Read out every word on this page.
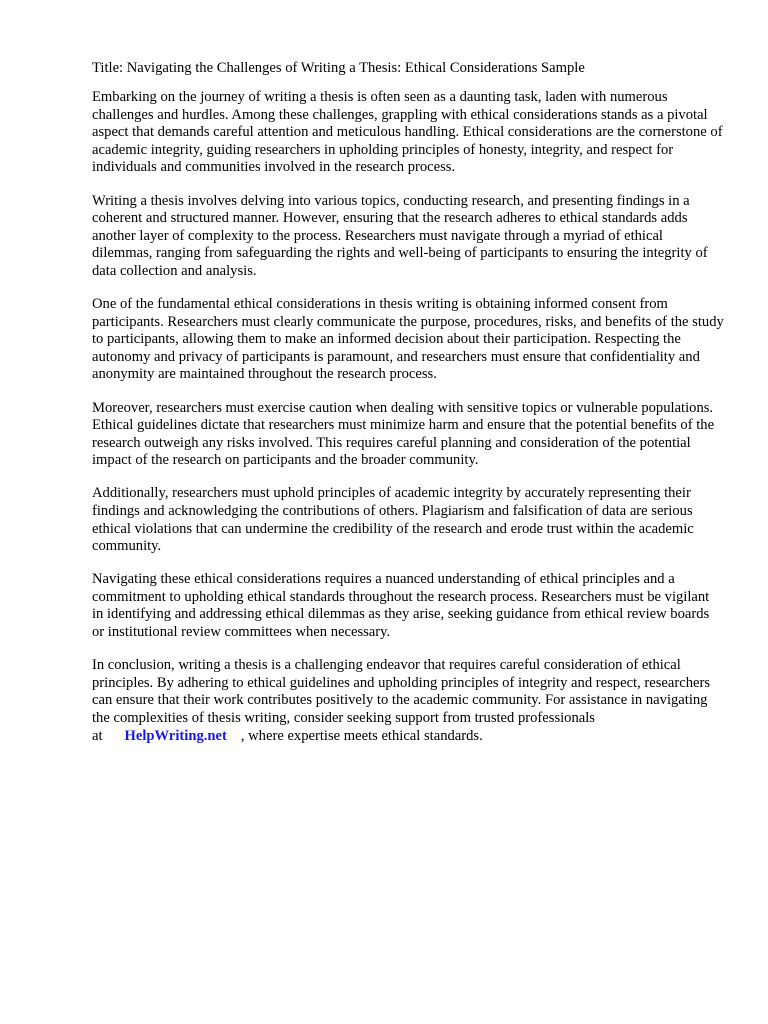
Title: Navigating the Challenges of Writing a Thesis: Ethical Considerations Sample

Embarking on the journey of writing a thesis is often seen as a daunting task, laden with numerous challenges and hurdles. Among these challenges, grappling with ethical considerations stands as a pivotal aspect that demands careful attention and meticulous handling. Ethical considerations are the cornerstone of academic integrity, guiding researchers in upholding principles of honesty, integrity, and respect for individuals and communities involved in the research process.

Writing a thesis involves delving into various topics, conducting research, and presenting findings in a coherent and structured manner. However, ensuring that the research adheres to ethical standards adds another layer of complexity to the process. Researchers must navigate through a myriad of ethical dilemmas, ranging from safeguarding the rights and well-being of participants to ensuring the integrity of data collection and analysis.

One of the fundamental ethical considerations in thesis writing is obtaining informed consent from participants. Researchers must clearly communicate the purpose, procedures, risks, and benefits of the study to participants, allowing them to make an informed decision about their participation. Respecting the autonomy and privacy of participants is paramount, and researchers must ensure that confidentiality and anonymity are maintained throughout the research process.

Moreover, researchers must exercise caution when dealing with sensitive topics or vulnerable populations. Ethical guidelines dictate that researchers must minimize harm and ensure that the potential benefits of the research outweigh any risks involved. This requires careful planning and consideration of the potential impact of the research on participants and the broader community.

Additionally, researchers must uphold principles of academic integrity by accurately representing their findings and acknowledging the contributions of others. Plagiarism and falsification of data are serious ethical violations that can undermine the credibility of the research and erode trust within the academic community.

Navigating these ethical considerations requires a nuanced understanding of ethical principles and a commitment to upholding ethical standards throughout the research process. Researchers must be vigilant in identifying and addressing ethical dilemmas as they arise, seeking guidance from ethical review boards or institutional review committees when necessary.

In conclusion, writing a thesis is a challenging endeavor that requires careful consideration of ethical principles. By adhering to ethical guidelines and upholding principles of integrity and respect, researchers can ensure that their work contributes positively to the academic community. For assistance in navigating the complexities of thesis writing, consider seeking support from trusted professionals at HelpWriting.net , where expertise meets ethical standards.
